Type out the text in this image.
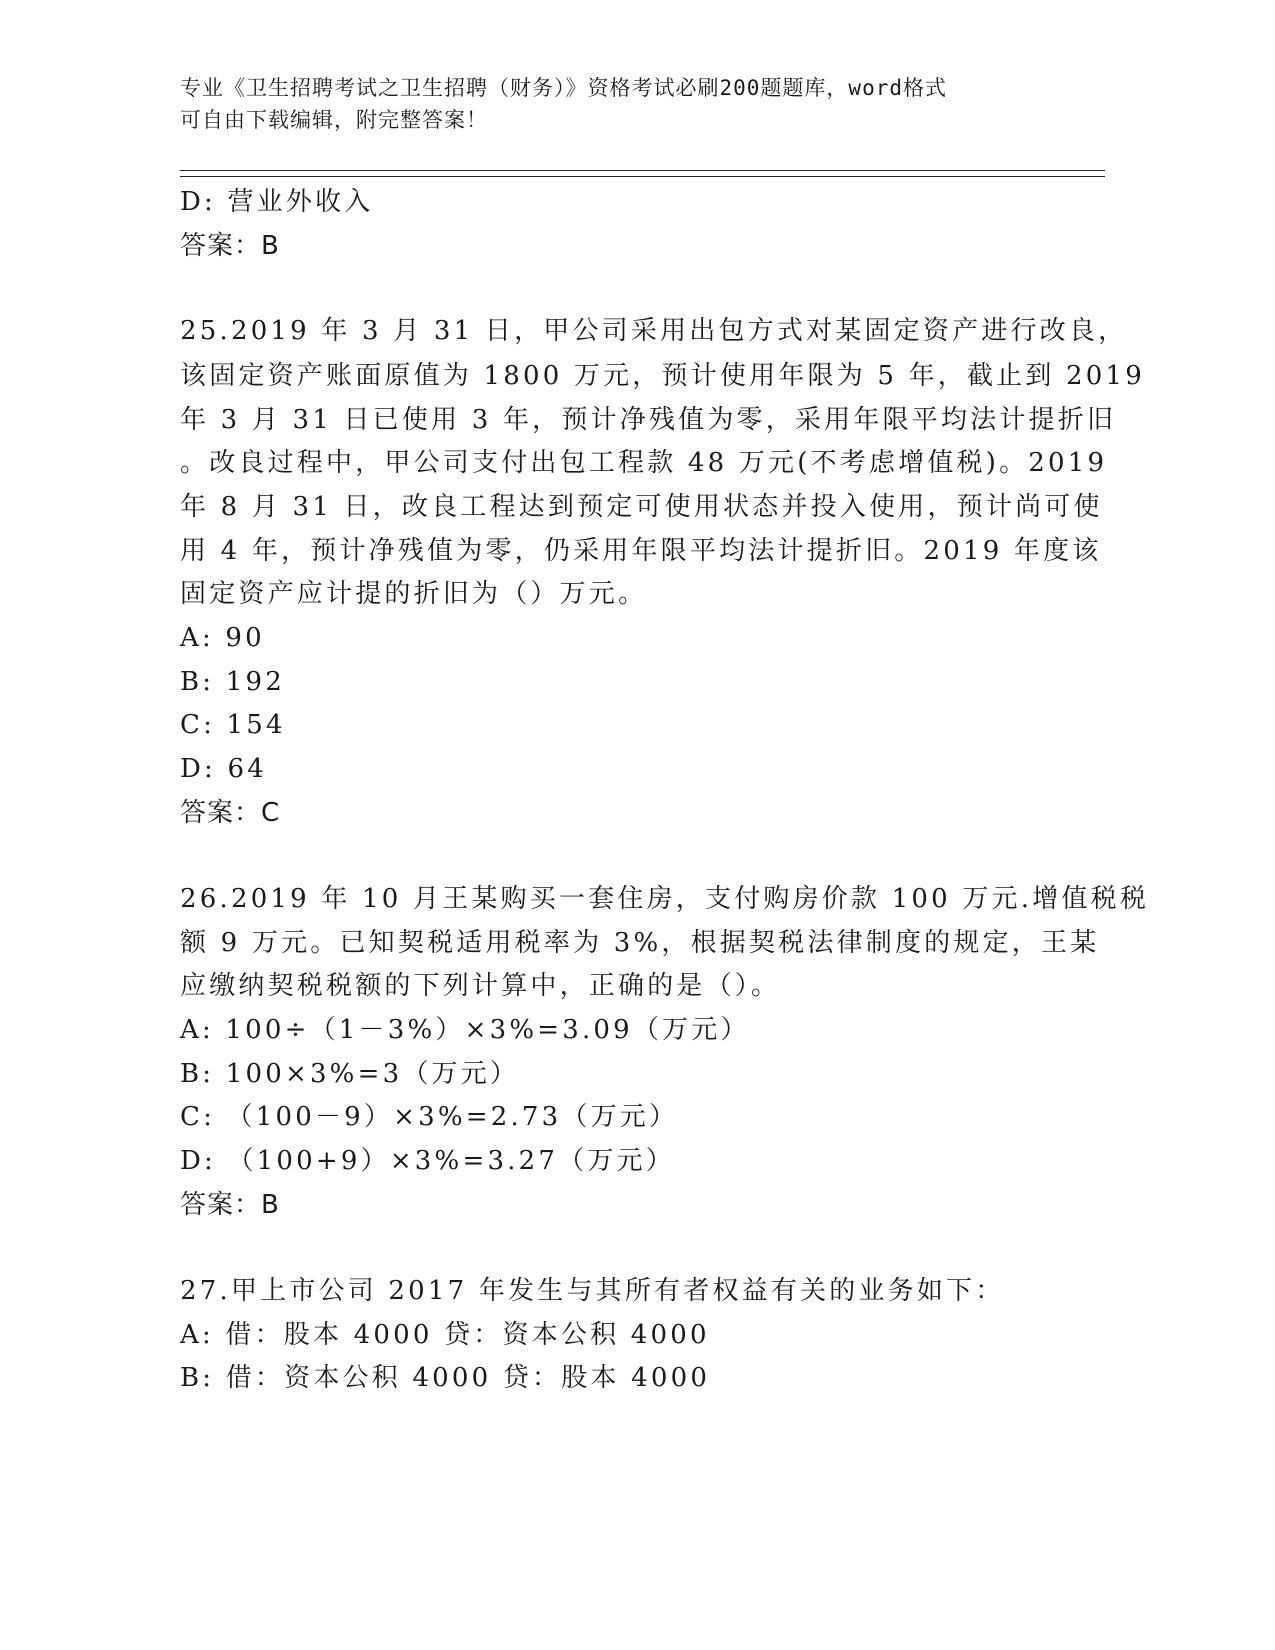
专业《卫生招聘考试之卫生招聘（财务）》资格考试必刷200题题库，word格式
可自由下载编辑，附完整答案！
D: 营业外收入
答案：B
25.2019 年 3 月 31 日，甲公司采用出包方式对某固定资产进行改良，
该固定资产账面原值为 1800 万元，预计使用年限为 5 年，截止到 2019
年 3 月 31 日已使用 3 年，预计净残值为零，采用年限平均法计提折旧
。改良过程中，甲公司支付出包工程款 48 万元(不考虑增值税)。2019
年 8 月 31 日，改良工程达到预定可使用状态并投入使用，预计尚可使
用 4 年，预计净残值为零，仍采用年限平均法计提折旧。2019 年度该
固定资产应计提的折旧为（）万元。
A: 90
B: 192
C: 154
D: 64
答案：C
26.2019 年 10 月王某购买一套住房，支付购房价款 100 万元.增值税税
额 9 万元。已知契税适用税率为 3%，根据契税法律制度的规定，王某
应缴纳契税税额的下列计算中，正确的是（）。
A: 100÷（1－3%）×3%=3.09（万元）
B: 100×3%=3（万元）
C: （100－9）×3%=2.73（万元）
D: （100+9）×3%=3.27（万元）
答案：B
27.甲上市公司 2017 年发生与其所有者权益有关的业务如下：
A: 借：股本 4000 贷：资本公积 4000
B: 借：资本公积 4000 贷：股本 4000
